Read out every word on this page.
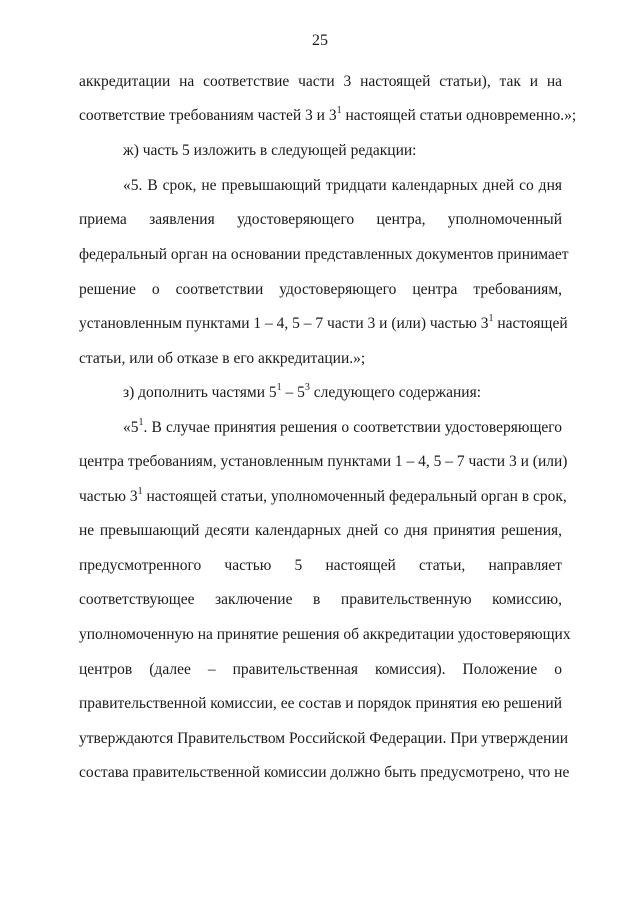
25
аккредитации на соответствие части 3 настоящей статьи), так и на
соответствие требованиям частей 3 и $3^1$ настоящей статьи одновременно.»;
ж) часть 5 изложить в следующей редакции:
«5. В срок, не превышающий тридцати календарных дней со дня
приема заявления удостоверяющего центра, уполномоченный
федеральный орган на основании представленных документов принимает
решение о соответствии удостоверяющего центра требованиям,
установленным пунктами 1 – 4, 5 – 7 части 3 и (или) частью $3^1$ настоящей
статьи, или об отказе в его аккредитации.»;
з) дополнить частями $5^1 - 5^3$ следующего содержания:
«$5^1$. В случае принятия решения о соответствии удостоверяющего
центра требованиям, установленным пунктами 1 – 4, 5 – 7 части 3 и (или)
частью $3^1$ настоящей статьи, уполномоченный федеральный орган в срок,
не превышающий десяти календарных дней со дня принятия решения,
предусмотренного частью 5 настоящей статьи, направляет
соответствующее заключение в правительственную комиссию,
уполномоченную на принятие решения об аккредитации удостоверяющих
центров (далее – правительственная комиссия). Положение о
правительственной комиссии, ее состав и порядок принятия ею решений
утверждаются Правительством Российской Федерации. При утверждении
состава правительственной комиссии должно быть предусмотрено, что не
